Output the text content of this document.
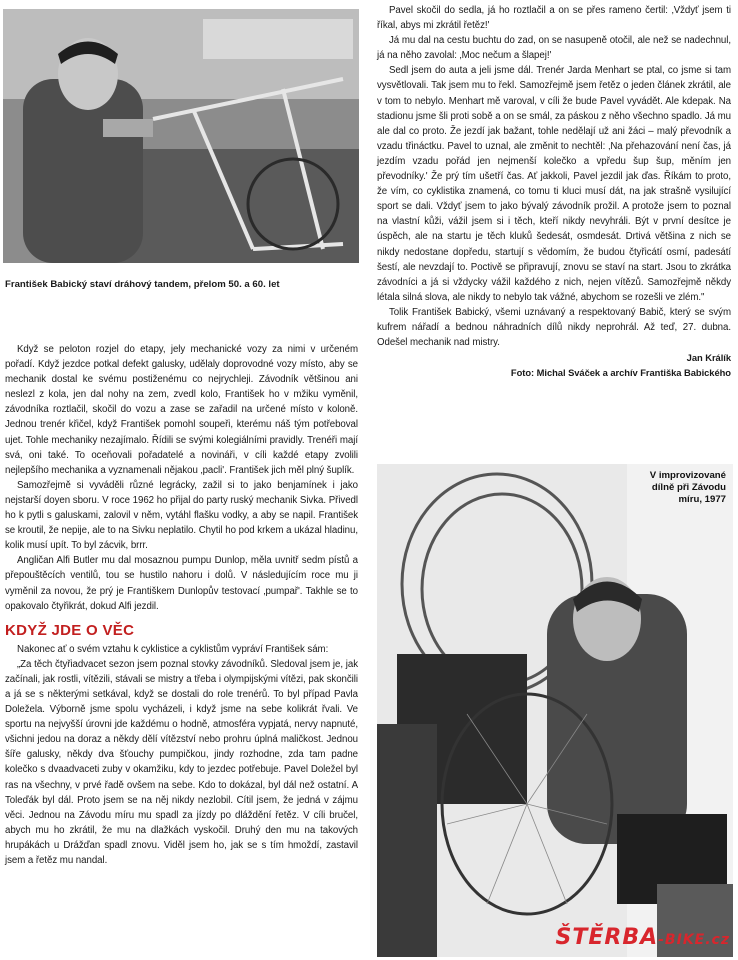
František Babický staví dráhový tandem, přelom 50. a 60. let

Když se peloton rozjel do etapy, jely mechanické vozy za nimi v určeném pořadí. Když jezdce potkal defekt galusky, udělaly doprovodné vozy místo, aby se mechanik dostal ke svému postiženému co nejrychleji. Závodník většinou ani neslezl z kola, jen dal nohy na zem, zvedl kolo, František ho v mžiku vyměnil, závodníka roztlačil, skočil do vozu a zase se zařadil na určené místo v koloně. Jednou trenér křičel, když František pomohl soupeři, kterému náš tým potřeboval ujet. Tohle mechaniky nezajímalo. Řídili se svými kolegiálními pravidly. Trenéři mají svá, oni také. To oceňovali pořadatelé a novináři, v cíli každé etapy zvolili nejlepšího mechanika a vyznamenali nějakou ‚pacli'. František jich měl plný šuplík.

Samozřejmě si vyváděli různé legrácky, zažil si to jako benjamínek i jako nejstarší doyen sboru. V roce 1962 ho přijal do party ruský mechanik Sivka. Přivedl ho k pytli s galuskami, zalovil v něm, vytáhl flašku vodky, a aby se napil. František se kroutil, že nepije, ale to na Sivku neplatilo. Chytil ho pod krkem a ukázal hladinu, kolik musí upít. To byl zácvik, brrr.

Angličan Alfi Butler mu dal mosaznou pumpu Dunlop, měla uvnitř sedm pístů a přepouštěcích ventilů, tou se hustilo nahoru i dolů. V následujícím roce mu ji vyměnil za novou, že prý je Františkem Dunlopův testovací ‚pumpař'. Takhle se to opakovalo čtyřikrát, dokud Alfi jezdil.

KDYŽ JDE O VĚC

Nakonec ať o svém vztahu k cyklistice a cyklistům vypráví František sám:

„Za těch čtyřiadvacet sezon jsem poznal stovky závodníků. Sledoval jsem je, jak začínali, jak rostli, vítězili, stávali se mistry a třeba i olympijskými vítězi, pak skončili a já se s některými setkával, když se dostali do role trenérů. To byl případ Pavla Doležela. Výborně jsme spolu vycházeli, i když jsme na sebe kolikrát řvali. Ve sportu na nejvyšší úrovni jde každému o hodně, atmosféra vypjatá, nervy napnuté, všichni jedou na doraz a někdy dělí vítězství nebo prohru úplná maličkost. Jednou šíře galusky, někdy dva šťouchy pumpičkou, jindy rozhodne, zda tam padne kolečko s dvaadvaceti zuby v okamžiku, kdy to jezdec potřebuje. Pavel Doležel byl ras na všechny, v prvé řadě ovšem na sebe. Kdo to dokázal, byl dál než ostatní. A Toleďák byl dál. Proto jsem se na něj nikdy nezlobil. Cítil jsem, že jedná v zájmu věci. Jednou na Závodu míru mu spadl za jízdy po dláždění řetěz. V cíli bručel, abych mu ho zkrátil, že mu na dlažkách vyskočil. Druhý den mu na takových hrupákách u Drážďan spadl znovu. Viděl jsem ho, jak se s tím hmoždí, zastavil jsem a řetěz mu nandal.

Pavel skočil do sedla, já ho roztlačil a on se přes rameno čertil: ‚Vždyť jsem ti říkal, abys mi zkrátil řetěz!'

Já mu dal na cestu buchtu do zad, on se nasupeně otočil, ale než se nadechnul, já na něho zavolal: ‚Moc nečum a šlapej!'

Sedl jsem do auta a jeli jsme dál. Trenér Jarda Menhart se ptal, co jsme si tam vysvětlovali. Tak jsem mu to řekl. Samozřejmě jsem řetěz o jeden článek zkrátil, ale v tom to nebylo. Menhart mě varoval, v cíli že bude Pavel vyvádět. Ale kdepak. Na stadionu jsme šli proti sobě a on se smál, za páskou z něho všechno spadlo. Já mu ale dal co proto. Že jezdí jak bažant, tohle nedělají už ani žáci – malý převodník a vzadu třináctku. Pavel to uznal, ale změnit to nechtěl: ‚Na přehazování není čas, já jezdím vzadu pořád jen nejmenší kolečko a vpředu šup šup, měním jen převodníky.' Že prý tím ušetří čas. Ať jakkoli, Pavel jezdil jak ďas. Říkám to proto, že vím, co cyklistika znamená, co tomu ti kluci musí dát, na jak strašně vysilující sport se dali. Vždyť jsem to jako bývalý závodník prožil. A protože jsem to poznal na vlastní kůži, vážil jsem si i těch, kteří nikdy nevyhráli. Být v první desítce je úspěch, ale na startu je těch kluků šedesát, osmdesát. Drtivá většina z nich se nikdy nedostane dopředu, startují s vědomím, že budou čtyřicátí osmí, padesátí šestí, ale nevzdají to. Poctivě se připravují, znovu se staví na start. Jsou to zkrátka závodníci a já si vždycky vážil každého z nich, nejen vítězů. Samozřejmě někdy létala silná slova, ale nikdy to nebylo tak vážné, abychom se rozešli ve zlém."

Tolik František Babický, všemi uznávaný a respektovaný Babič, který se svým kufrem nářadí a bednou náhradních dílů nikdy neprohrál. Až teď, 27. dubna. Odešel mechanik nad mistry.

Jan Králík

Foto: Michal Sváček a archív Františka Babického

V improvizované dílně při Závodu míru, 1977
ŠTĚRBA-BIKE.cz
